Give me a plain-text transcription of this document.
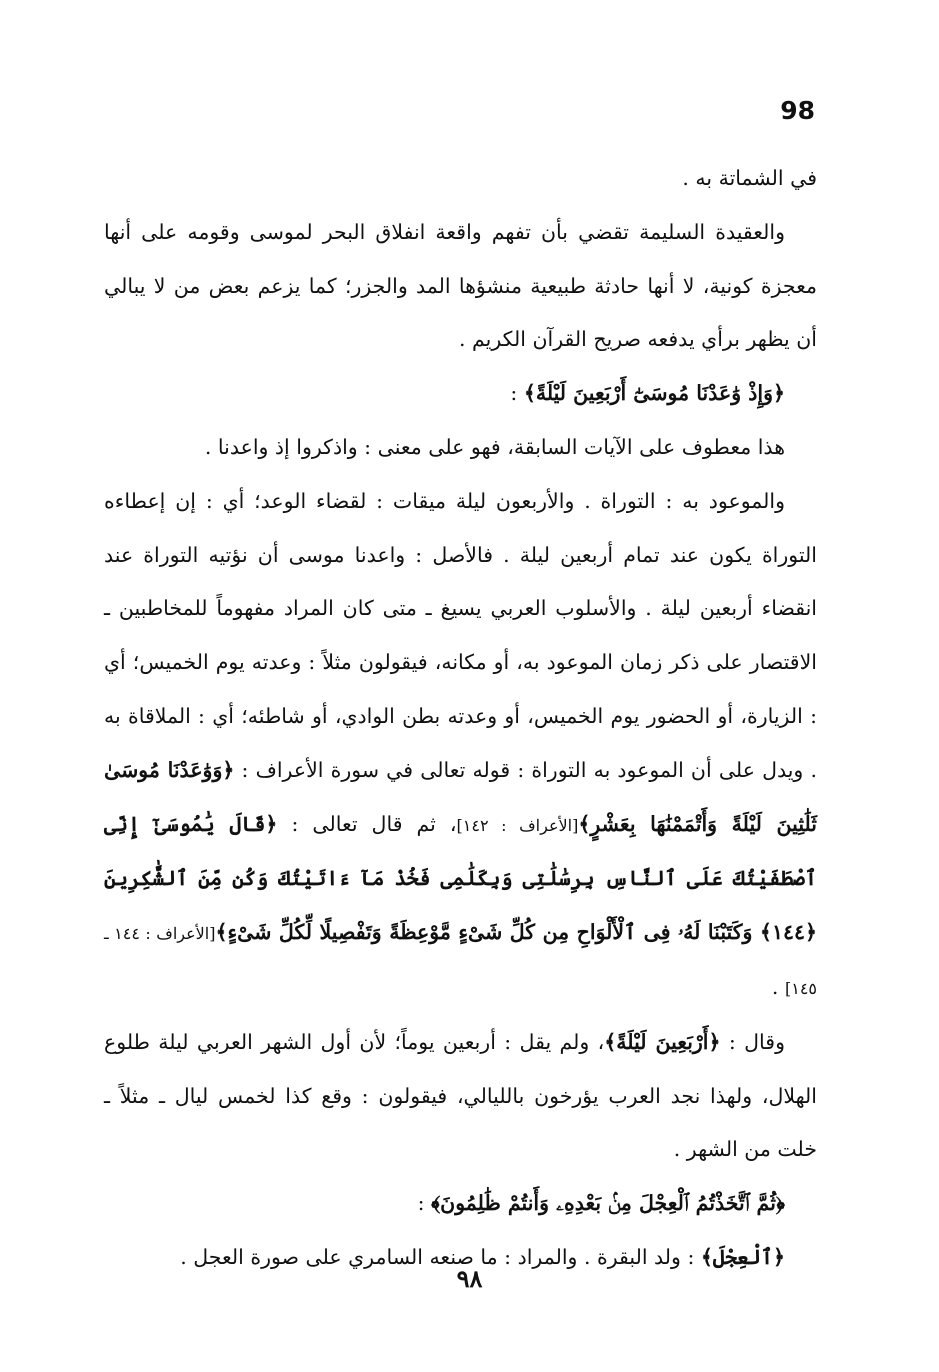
98

في الشماتة به .

والعقيدة السليمة تقضي بأن تفهم واقعة انفلاق البحر لموسى وقومه على أنها معجزة كونية، لا أنها حادثة طبيعية منشؤها المد والجزر؛ كما يزعم بعض من لا يبالي أن يظهر برأي يدفعه صريح القرآن الكريم .

﴿وَإِذْ وَٰعَدْنَا مُوسَىٰٓ أَرْبَعِينَ لَيْلَةً﴾ :

هذا معطوف على الآيات السابقة، فهو على معنى : واذكروا إذ واعدنا .

والموعود به : التوراة . والأربعون ليلة ميقات : لقضاء الوعد؛ أي : إن إعطاءه التوراة يكون عند تمام أربعين ليلة . فالأصل : واعدنا موسى أن نؤتيه التوراة عند انقضاء أربعين ليلة . والأسلوب العربي يسيغ ـ متى كان المراد مفهوماً للمخاطبين ـ الاقتصار على ذكر زمان الموعود به، أو مكانه، فيقولون مثلاً : وعدته يوم الخميس؛ أي : الزيارة، أو الحضور يوم الخميس، أو وعدته بطن الوادي، أو شاطئه؛ أي : الملاقاة به . ويدل على أن الموعود به التوراة : قوله تعالى في سورة الأعراف : ﴿وَوَٰعَدْنَا مُوسَىٰ ثَلَٰثِينَ لَيْلَةً وَأَتْمَمْنَٰهَا بِعَشْرٍ﴾[الأعراف : ١٤٢]، ثم قال تعالى : ﴿قَالَ يَٰمُوسَىٰٓ إِنِّى ٱصْطَفَيْتُكَ عَلَى ٱلنَّاسِ بِرِسَٰلَٰتِى وَبِكَلَٰمِى فَخُذْ مَآ ءَاتَيْتُكَ وَكُن مِّنَ ٱلشَّٰكِرِينَ ﴿١٤٤﴾ وَكَتَبْنَا لَهُۥ فِى ٱلْأَلْوَاحِ مِن كُلِّ شَىْءٍ مَّوْعِظَةً وَتَفْصِيلًا لِّكُلِّ شَىْءٍ﴾[الأعراف : ١٤٤ ـ ١٤٥] .

وقال : ﴿أَرْبَعِينَ لَيْلَةً﴾، ولم يقل : أربعين يوماً؛ لأن أول الشهر العربي ليلة طلوع الهلال، ولهذا نجد العرب يؤرخون بالليالي، فيقولون : وقع كذا لخمس ليال ـ مثلاً ـ خلت من الشهر .

﴿ثُمَّ ٱتَّخَذْتُمُ ٱلْعِجْلَ مِنۢ بَعْدِهِۦ وَأَنتُمْ ظَٰلِمُونَ﴾ :

﴿ٱلْعِجْلَ﴾ : ولد البقرة . والمراد : ما صنعه السامري على صورة العجل .

٩٨
